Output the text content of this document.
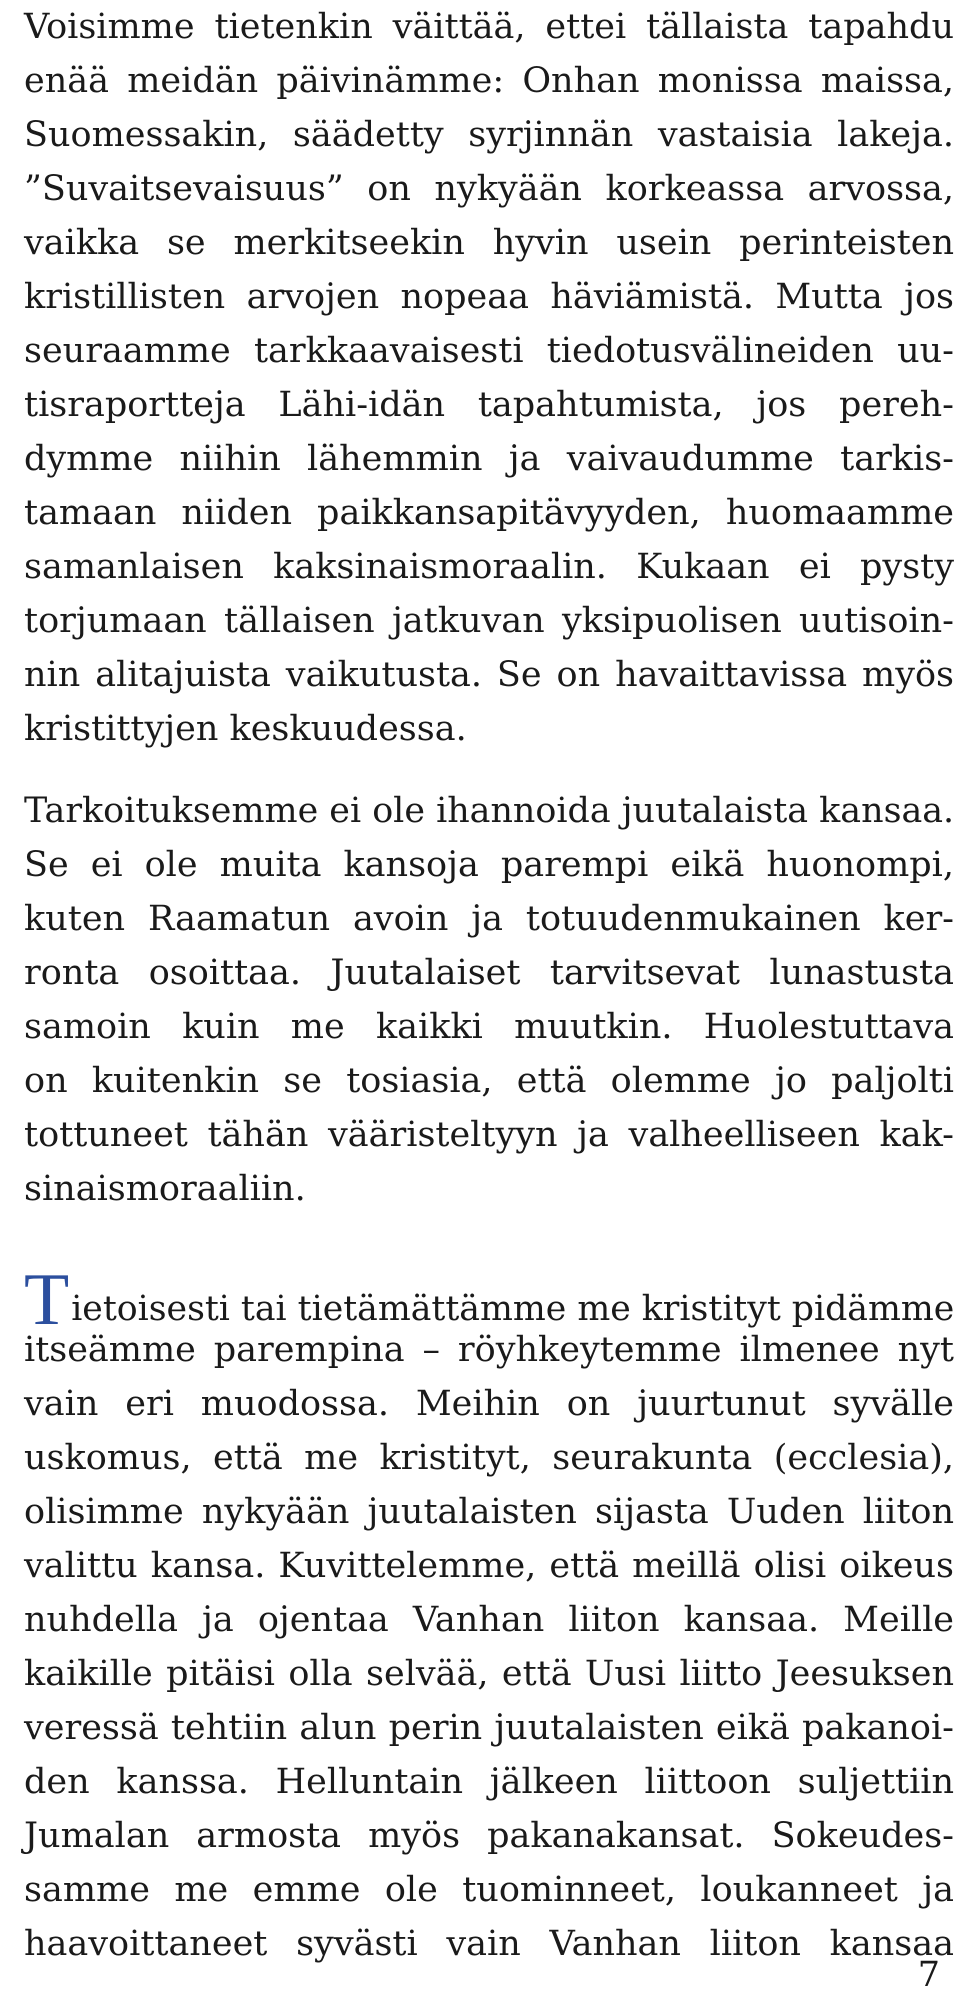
Voisimme tietenkin väittää, ettei tällaista tapahdu
enää meidän päivinämme: Onhan monissa maissa,
Suomessakin, säädetty syrjinnän vastaisia lakeja.
”Suvaitsevaisuus” on nykyään korkeassa arvossa,
vaikka se merkitseekin hyvin usein perinteisten
kristillisten arvojen nopeaa häviämistä. Mutta jos
seuraamme tarkkaavaisesti tiedotusvälineiden uu-
tisraportteja Lähi-idän tapahtumista, jos pereh-
dymme niihin lähemmin ja vaivaudumme tarkis-
tamaan niiden paikkansapitävyyden, huomaamme
samanlaisen kaksinaismoraalin. Kukaan ei pysty
torjumaan tällaisen jatkuvan yksipuolisen uutisoin-
nin alitajuista vaikutusta. Se on havaittavissa myös
kristittyjen keskuudessa.
Tarkoituksemme ei ole ihannoida juutalaista kansaa.
Se ei ole muita kansoja parempi eikä huonompi,
kuten Raamatun avoin ja totuudenmukainen ker-
ronta osoittaa. Juutalaiset tarvitsevat lunastusta
samoin kuin me kaikki muutkin. Huolestuttava
on kuitenkin se tosiasia, että olemme jo paljolti
tottuneet tähän vääristeltyyn ja valheelliseen kak-
sinaismoraaliin.
Tietoisesti tai tietämättämme me kristityt pidämme
itseämme parempina – röyhkeytemme ilmenee nyt
vain eri muodossa. Meihin on juurtunut syvälle
uskomus, että me kristityt, seurakunta (ecclesia),
olisimme nykyään juutalaisten sijasta Uuden liiton
valittu kansa. Kuvittelemme, että meillä olisi oikeus
nuhdella ja ojentaa Vanhan liiton kansaa. Meille
kaikille pitäisi olla selvää, että Uusi liitto Jeesuksen
veressä tehtiin alun perin juutalaisten eikä pakanoi-
den kanssa. Helluntain jälkeen liittoon suljettiin
Jumalan armosta myös pakanakansat. Sokeudes-
samme me emme ole tuominneet, loukanneet ja
haavoittaneet syvästi vain Vanhan liiton kansaa
7
